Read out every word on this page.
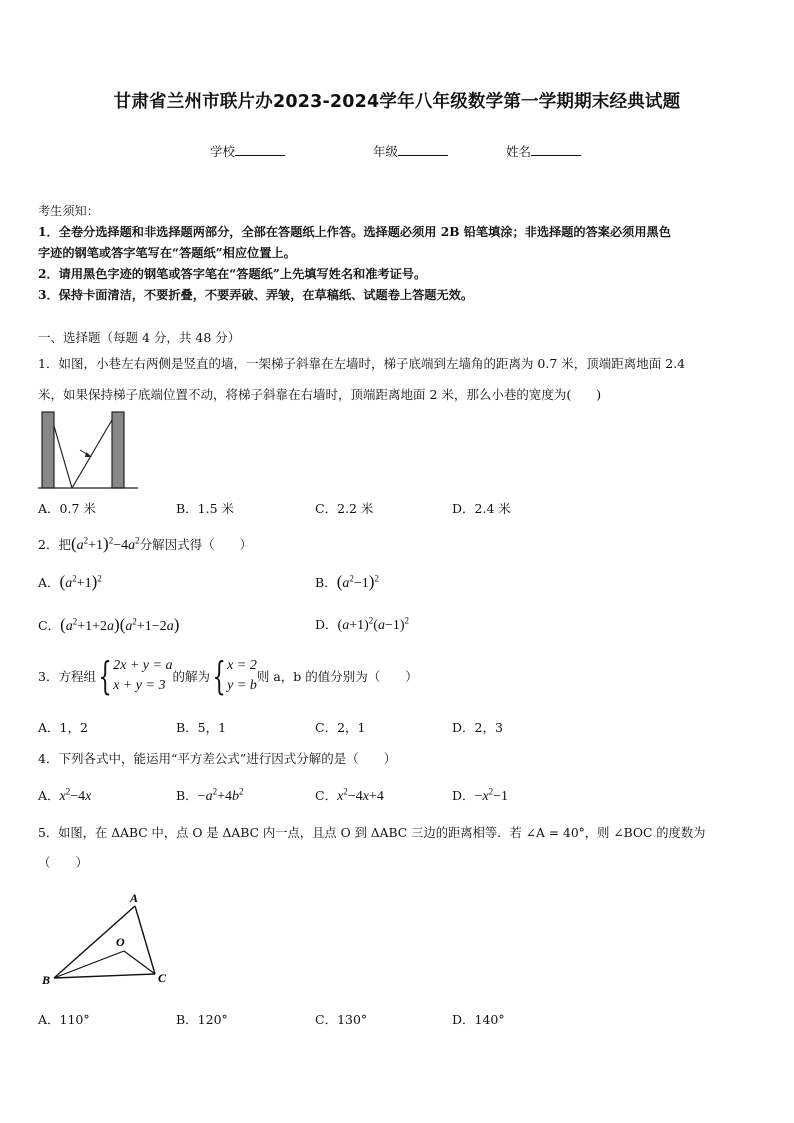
甘肃省兰州市联片办2023-2024学年八年级数学第一学期期末经典试题
学校	年级	姓名
考生须知：
1．全卷分选择题和非选择题两部分，全部在答题纸上作答。选择题必须用 2B 铅笔填涂；非选择题的答案必须用黑色
字迹的钢笔或答字笔写在“答题纸”相应位置上。
2．请用黑色字迹的钢笔或答字笔在“答题纸”上先填写姓名和准考证号。
3．保持卡面清洁，不要折叠，不要弄破、弄皱，在草稿纸、试题卷上答题无效。
一、选择题（每题 4 分，共 48 分）
1．如图，小巷左右两侧是竖直的墙，一架梯子斜靠在左墙时，梯子底端到左墙角的距离为 0.7 米，顶端距离地面 2.4
米，如果保持梯子底端位置不动，将梯子斜靠在右墙时，顶端距离地面 2 米，那么小巷的宽度为(　　)
A．0.7 米	B．1.5 米	C．2.2 米	D．2.4 米
2．把$(a^2+1)^2-4a^2$分解因式得（　　）
A．$(a^2+1)^2$	B．$(a^2-1)^2$
C．$(a^2+1+2a)(a^2+1-2a)$	D．$(a+1)^2(a-1)^2$
3．方程组{2x + y = a
x + y = 3的解为{x = 2
y = b则 a，b 的值分别为（　　）
A．1，2	B．5，1	C．2，1	D．2，3
4．下列各式中，能运用“平方差公式”进行因式分解的是（　　）
A．$x^2-4x$	B．$-a^2+4b^2$	C．$x^2-4x+4$	D．$-x^2-1$
5．如图，在 ΔABC 中，点 O 是 ΔABC 内一点，且点 O 到 ΔABC 三边的距离相等．若 ∠A = 40°，则 ∠BOC 的度数为
（　　）
A
B	C
O
A．110°	B．120°	C．130°	D．140°
